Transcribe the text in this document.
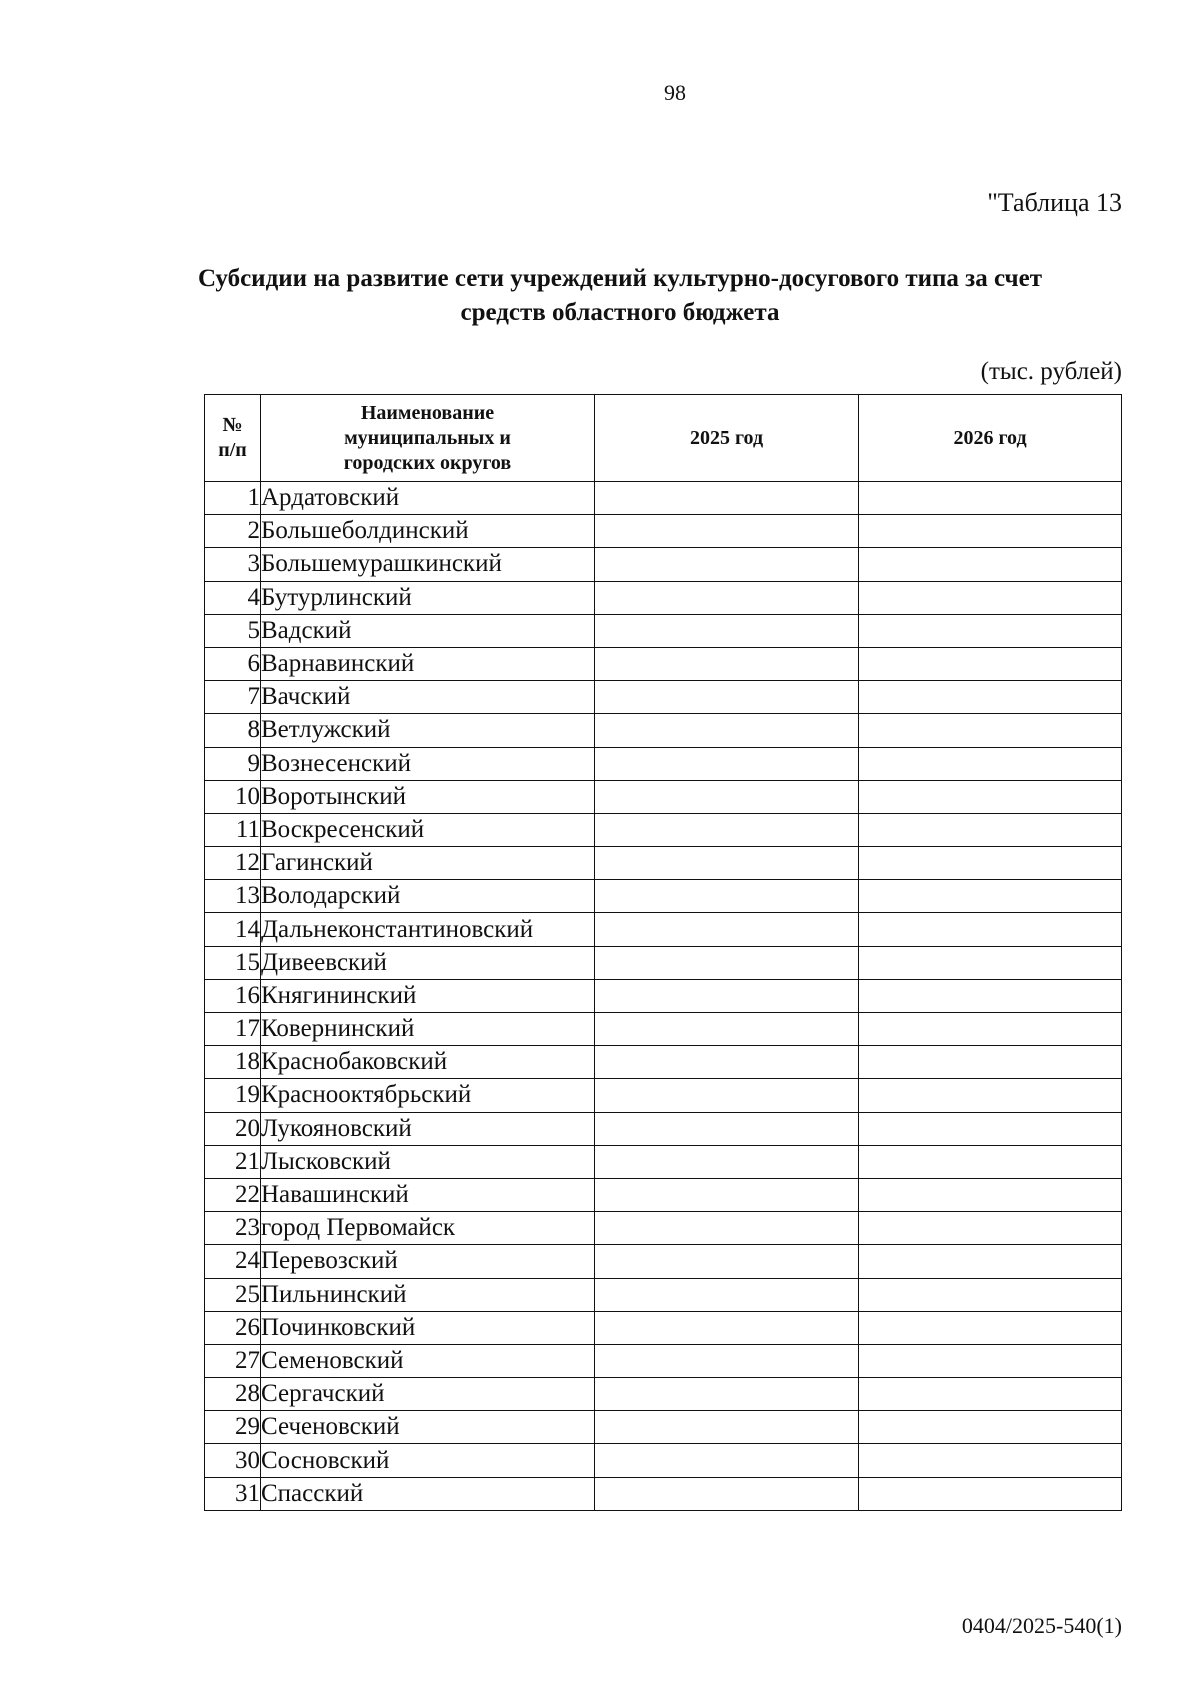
98
"Таблица 13
Субсидии на развитие сети учреждений культурно-досугового типа за счет средств областного бюджета
(тыс. рублей)
№ п/п	Наименование муниципальных и городских округов	2025 год	2026 год
1	Ардатовский		
2	Большеболдинский		
3	Большемурашкинский		
4	Бутурлинский		
5	Вадский		
6	Варнавинский		
7	Вачский		
8	Ветлужский		
9	Вознесенский		
10	Воротынский		
11	Воскресенский		
12	Гагинский		
13	Володарский		
14	Дальнеконстантиновский		
15	Дивеевский		
16	Княгининский		
17	Ковернинский		
18	Краснобаковский		
19	Краснооктябрьский		
20	Лукояновский		
21	Лысковский		
22	Навашинский		
23	город Первомайск		
24	Перевозский		
25	Пильнинский		
26	Починковский		
27	Семеновский		
28	Сергачский		
29	Сеченовский		
30	Сосновский		
31	Спасский		
0404/2025-540(1)
